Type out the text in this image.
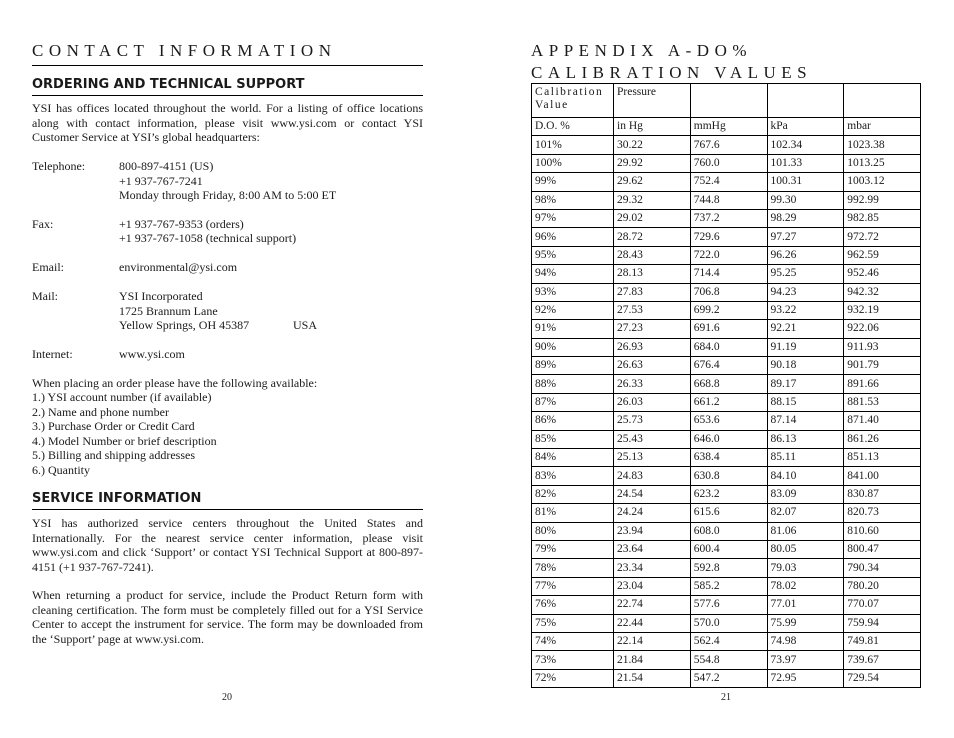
CONTACT INFORMATION
ORDERING AND TECHNICAL SUPPORT

YSI has offices located throughout the world. For a listing of office locations along with contact information, please visit www.ysi.com or contact YSI Customer Service at YSI’s global headquarters:

Telephone:	800-897-4151 (US)
+1 937-767-7241
Monday through Friday, 8:00 AM to 5:00 ET
Fax:	+1 937-767-9353 (orders)
+1 937-767-1058 (technical support)
Email:	environmental@ysi.com
Mail:	YSI Incorporated
1725 Brannum Lane
Yellow Springs, OH 45387	USA
Internet:	www.ysi.com
When placing an order please have the following available:
1.) YSI account number (if available)
2.) Name and phone number
3.) Purchase Order or Credit Card
4.) Model Number or brief description
5.) Billing and shipping addresses
6.) Quantity
SERVICE INFORMATION

YSI has authorized service centers throughout the United States and Internationally. For the nearest service center information, please visit www.ysi.com and click ‘Support’ or contact YSI Technical Support at 800-897-4151 (+1 937-767-7241).

When returning a product for service, include the Product Return form with cleaning certification. The form must be completely filled out for a YSI Service Center to accept the instrument for service. The form may be downloaded from the ‘Support’ page at www.ysi.com.

20
APPENDIX A-DO% CALIBRATION VALUES
Calibration Value	Pressure			
D.O. %	in Hg	mmHg	kPa	mbar
101%	30.22	767.6	102.34	1023.38
100%	29.92	760.0	101.33	1013.25
99%	29.62	752.4	100.31	1003.12
98%	29.32	744.8	99.30	992.99
97%	29.02	737.2	98.29	982.85
96%	28.72	729.6	97.27	972.72
95%	28.43	722.0	96.26	962.59
94%	28.13	714.4	95.25	952.46
93%	27.83	706.8	94.23	942.32
92%	27.53	699.2	93.22	932.19
91%	27.23	691.6	92.21	922.06
90%	26.93	684.0	91.19	911.93
89%	26.63	676.4	90.18	901.79
88%	26.33	668.8	89.17	891.66
87%	26.03	661.2	88.15	881.53
86%	25.73	653.6	87.14	871.40
85%	25.43	646.0	86.13	861.26
84%	25.13	638.4	85.11	851.13
83%	24.83	630.8	84.10	841.00
82%	24.54	623.2	83.09	830.87
81%	24.24	615.6	82.07	820.73
80%	23.94	608.0	81.06	810.60
79%	23.64	600.4	80.05	800.47
78%	23.34	592.8	79.03	790.34
77%	23.04	585.2	78.02	780.20
76%	22.74	577.6	77.01	770.07
75%	22.44	570.0	75.99	759.94
74%	22.14	562.4	74.98	749.81
73%	21.84	554.8	73.97	739.67
72%	21.54	547.2	72.95	729.54
21
